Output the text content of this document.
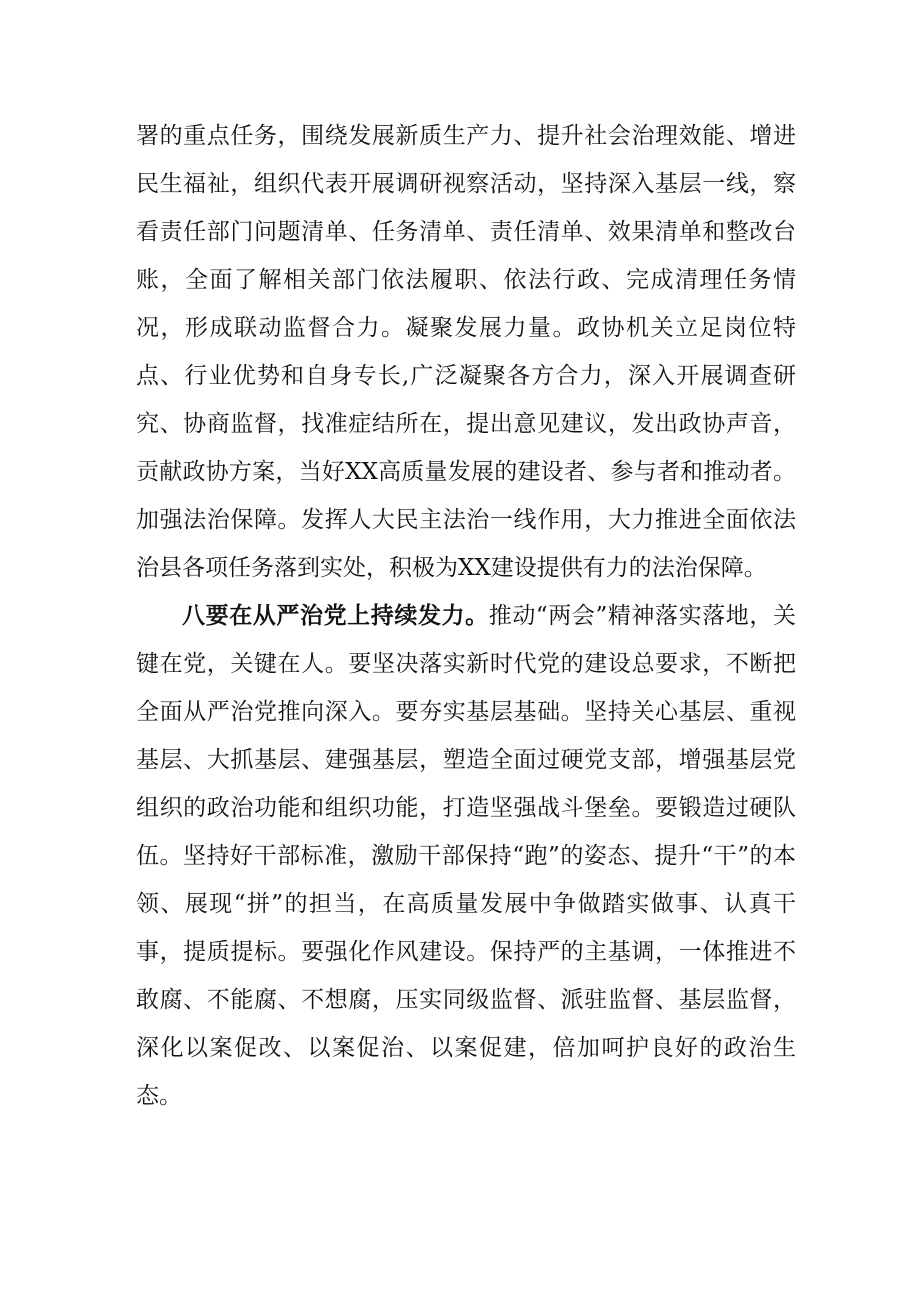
署的重点任务，围绕发展新质生产力、提升社会治理效能、增进民生福祉，组织代表开展调研视察活动，坚持深入基层一线，察看责任部门问题清单、任务清单、责任清单、效果清单和整改台账，全面了解相关部门依法履职、依法行政、完成清理任务情况，形成联动监督合力。凝聚发展力量。政协机关立足岗位特点、行业优势和自身专长,广泛凝聚各方合力，深入开展调查研究、协商监督，找准症结所在，提出意见建议，发出政协声音，贡献政协方案，当好XX高质量发展的建设者、参与者和推动者。加强法治保障。发挥人大民主法治一线作用，大力推进全面依法治县各项任务落到实处，积极为XX建设提供有力的法治保障。

八要在从严治党上持续发力。推动“两会”精神落实落地，关键在党，关键在人。要坚决落实新时代党的建设总要求，不断把全面从严治党推向深入。要夯实基层基础。坚持关心基层、重视基层、大抓基层、建强基层，塑造全面过硬党支部，增强基层党组织的政治功能和组织功能，打造坚强战斗堡垒。要锻造过硬队伍。坚持好干部标准，激励干部保持“跑”的姿态、提升“干”的本领、展现“拼”的担当，在高质量发展中争做踏实做事、认真干事，提质提标。要强化作风建设。保持严的主基调，一体推进不敢腐、不能腐、不想腐，压实同级监督、派驻监督、基层监督，深化以案促改、以案促治、以案促建，倍加呵护良好的政治生态。
